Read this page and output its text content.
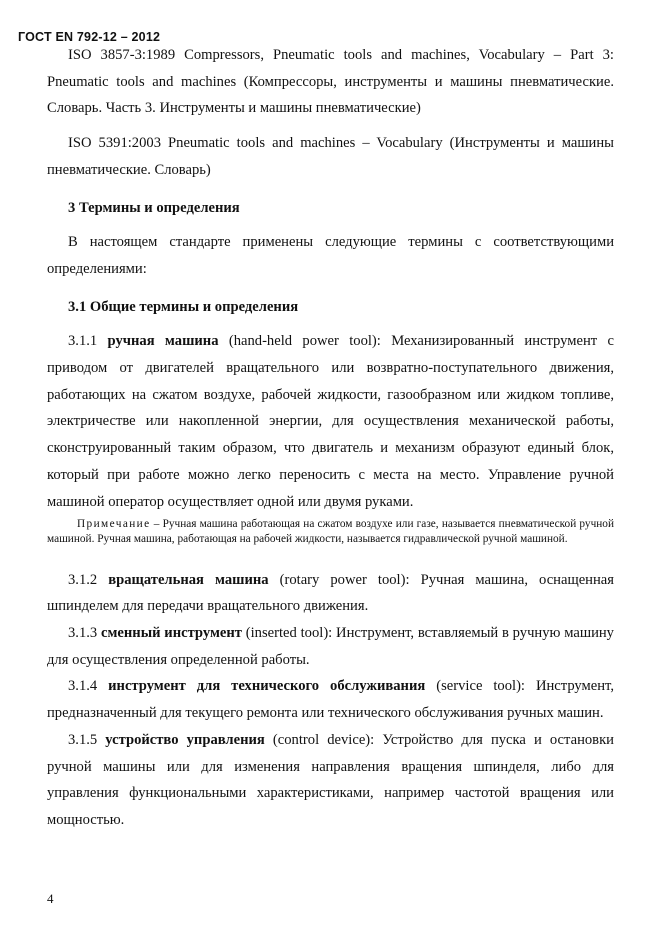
ГОСТ EN 792-12 – 2012

ISO 3857-3:1989 Compressors, Pneumatic tools and machines, Vocabulary – Part 3: Pneumatic tools and machines (Компрессоры, инструменты и машины пневматические. Словарь. Часть 3. Инструменты и машины пневматические)

ISO 5391:2003 Pneumatic tools and machines – Vocabulary (Инструменты и машины пневматические. Словарь)

3 Термины и определения

В настоящем стандарте применены следующие термины с соответствующими определениями:

3.1 Общие термины и определения

3.1.1 ручная машина (hand-held power tool): Механизированный инструмент с приводом от двигателей вращательного или возвратно-поступательного движения, работающих на сжатом воздухе, рабочей жидкости, газообразном или жидком топливе, электричестве или накопленной энергии, для осуществления механической работы, сконструированный таким образом, что двигатель и механизм образуют единый блок, который при работе можно легко переносить с места на место. Управление ручной машиной оператор осуществляет одной или двумя руками.

Примечание – Ручная машина работающая на сжатом воздухе или газе, называется пневматической ручной машиной. Ручная машина, работающая на рабочей жидкости, называется гидравлической ручной машиной.

3.1.2 вращательная машина (rotary power tool): Ручная машина, оснащенная шпинделем для передачи вращательного движения.

3.1.3 сменный инструмент (inserted tool): Инструмент, вставляемый в ручную машину для осуществления определенной работы.

3.1.4 инструмент для технического обслуживания (service tool): Инструмент, предназначенный для текущего ремонта или технического обслуживания ручных машин.

3.1.5 устройство управления (control device): Устройство для пуска и остановки ручной машины или для изменения направления вращения шпинделя, либо для управления функциональными характеристиками, например частотой вращения или мощностью.

4
